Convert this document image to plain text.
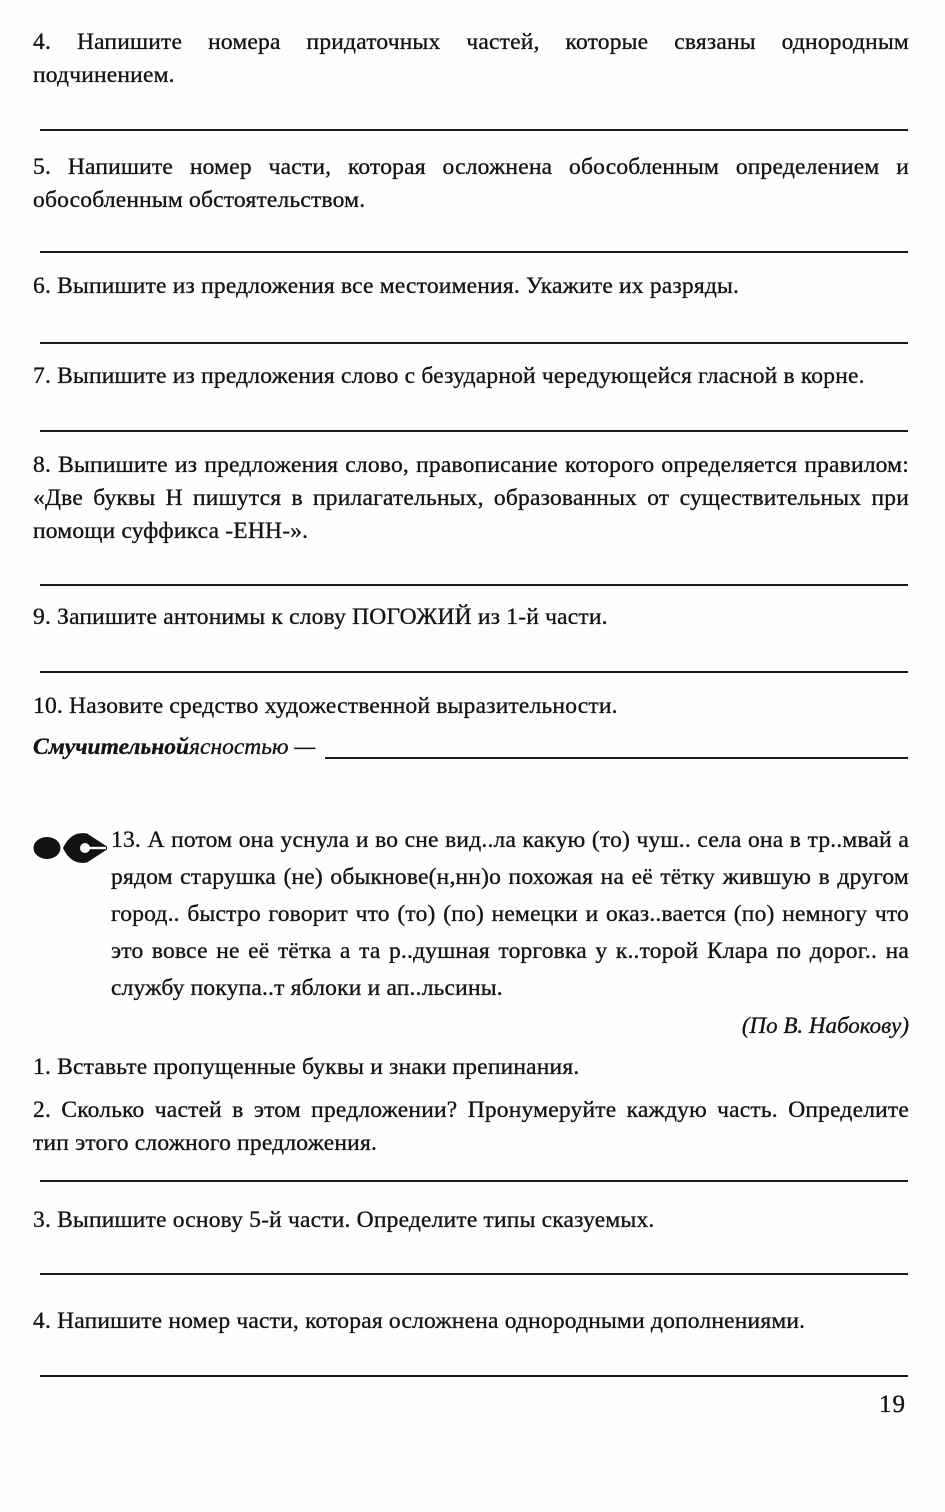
4. Напишите номера придаточных частей, которые связаны однородным подчинением.

5. Напишите номер части, которая осложнена обособленным определением и обособленным обстоятельством.

6. Выпишите из предложения все местоимения. Укажите их разряды.

7. Выпишите из предложения слово с безударной чередующейся гласной в корне.

8. Выпишите из предложения слово, правописание которого определяется правилом: «Две буквы Н пишутся в прилагательных, образованных от существительных при помощи суффикса -ЕНН-».

9. Запишите антонимы к слову ПОГОЖИЙ из 1-й части.

10. Назовите средство художественной выразительности.

С мучительной ясностью —

13. А потом она уснула и во сне вид..ла какую (то) чуш.. села она в тр..мвай а рядом старушка (не) обыкнове(н,нн)о похожая на её тётку жившую в другом город.. быстро говорит что (то) (по) немецки и оказ..вается (по) немногу что это вовсе не её тётка а та р..душная торговка у к..торой Клара по дорог.. на службу покупа..т яблоки и ап..льсины.

(По В. Набокову)

1. Вставьте пропущенные буквы и знаки препинания.

2. Сколько частей в этом предложении? Пронумеруйте каждую часть. Определите тип этого сложного предложения.

3. Выпишите основу 5-й части. Определите типы сказуемых.

4. Напишите номер части, которая осложнена однородными дополнениями.

19
